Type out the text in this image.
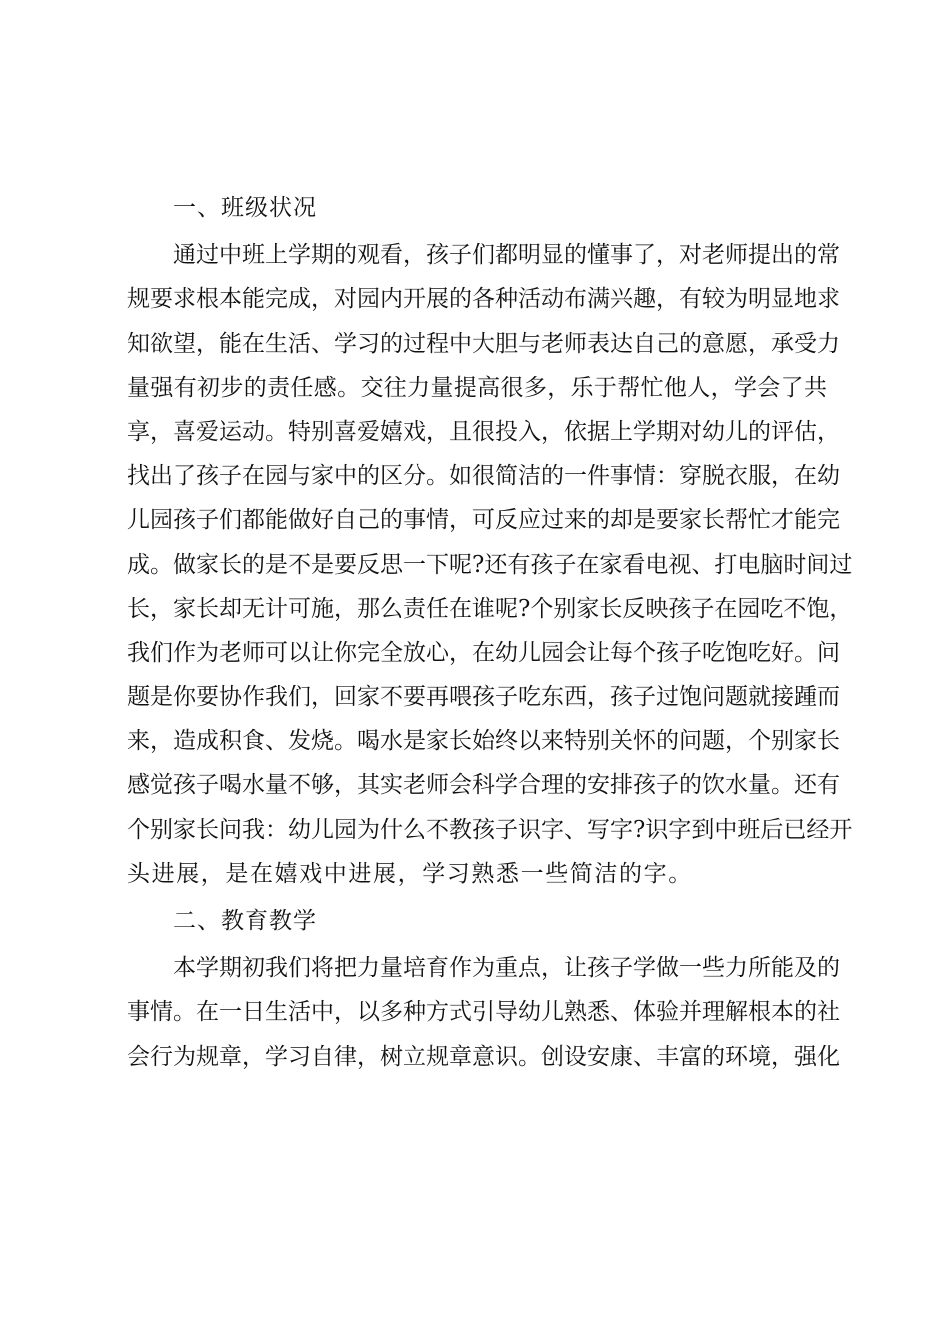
一、班级状况
通过中班上学期的观看，孩子们都明显的懂事了，对老师提出的常
规要求根本能完成，对园内开展的各种活动布满兴趣，有较为明显地求
知欲望，能在生活、学习的过程中大胆与老师表达自己的意愿，承受力
量强有初步的责任感。交往力量提高很多，乐于帮忙他人，学会了共
享，喜爱运动。特别喜爱嬉戏，且很投入，依据上学期对幼儿的评估，
找出了孩子在园与家中的区分。如很简洁的一件事情：穿脱衣服，在幼
儿园孩子们都能做好自己的事情，可反应过来的却是要家长帮忙才能完
成。做家长的是不是要反思一下呢?还有孩子在家看电视、打电脑时间过
长，家长却无计可施，那么责任在谁呢?个别家长反映孩子在园吃不饱，
我们作为老师可以让你完全放心，在幼儿园会让每个孩子吃饱吃好。问
题是你要协作我们，回家不要再喂孩子吃东西，孩子过饱问题就接踵而
来，造成积食、发烧。喝水是家长始终以来特别关怀的问题，个别家长
感觉孩子喝水量不够，其实老师会科学合理的安排孩子的饮水量。还有
个别家长问我：幼儿园为什么不教孩子识字、写字?识字到中班后已经开
头进展，是在嬉戏中进展，学习熟悉一些简洁的字。
二、教育教学
本学期初我们将把力量培育作为重点，让孩子学做一些力所能及的
事情。在一日生活中，以多种方式引导幼儿熟悉、体验并理解根本的社
会行为规章，学习自律，树立规章意识。创设安康、丰富的环境，强化
